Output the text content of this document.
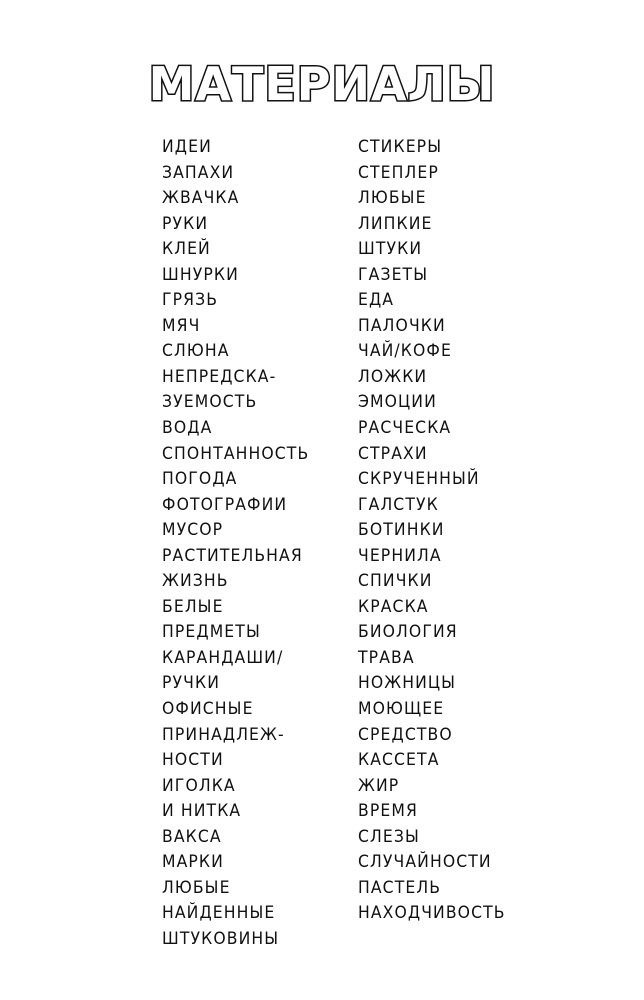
МАТЕРИАЛЫ
ИДЕИ
ЗАПАХИ
ЖВАЧКА
РУКИ
КЛЕЙ
ШНУРКИ
ГРЯЗЬ
МЯЧ
СЛЮНА
НЕПРЕДСКА-
ЗУЕМОСТЬ
ВОДА
СПОНТАННОСТЬ
ПОГОДА
ФОТОГРАФИИ
МУСОР
РАСТИТЕЛЬНАЯ
ЖИЗНЬ
БЕЛЫЕ
ПРЕДМЕТЫ
КАРАНДАШИ/
РУЧКИ
ОФИСНЫЕ
ПРИНАДЛЕЖ-
НОСТИ
ИГОЛКА
И НИТКА
ВАКСА
МАРКИ
ЛЮБЫЕ
НАЙДЕННЫЕ
ШТУКОВИНЫ
СТИКЕРЫ
СТЕПЛЕР
ЛЮБЫЕ
ЛИПКИЕ
ШТУКИ
ГАЗЕТЫ
ЕДА
ПАЛОЧКИ
ЧАЙ/КОФЕ
ЛОЖКИ
ЭМОЦИИ
РАСЧЕСКА
СТРАХИ
СКРУЧЕННЫЙ
ГАЛСТУК
БОТИНКИ
ЧЕРНИЛА
СПИЧКИ
КРАСКА
БИОЛОГИЯ
ТРАВА
НОЖНИЦЫ
МОЮЩЕЕ
СРЕДСТВО
КАССЕТА
ЖИР
ВРЕМЯ
СЛЕЗЫ
СЛУЧАЙНОСТИ
ПАСТЕЛЬ
НАХОДЧИВОСТЬ
